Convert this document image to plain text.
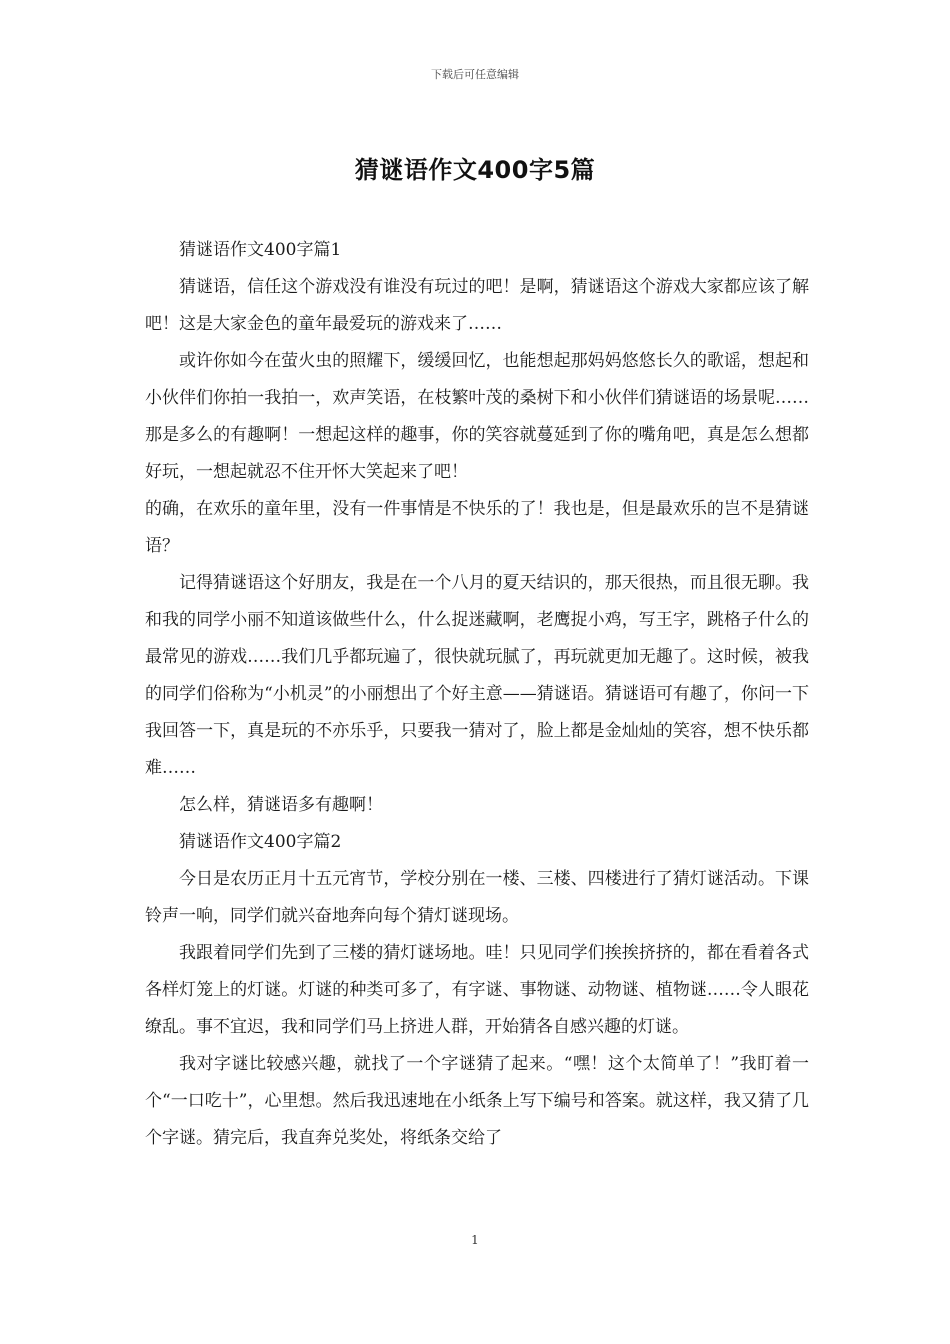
下载后可任意编辑
猜谜语作文400字5篇

猜谜语作文400字篇1

猜谜语，信任这个游戏没有谁没有玩过的吧！是啊，猜谜语这个游戏大家都应该了解吧！这是大家金色的童年最爱玩的游戏来了……

或许你如今在萤火虫的照耀下，缓缓回忆，也能想起那妈妈悠悠长久的歌谣，想起和小伙伴们你拍一我拍一，欢声笑语，在枝繁叶茂的桑树下和小伙伴们猜谜语的场景呢……那是多么的有趣啊！一想起这样的趣事，你的笑容就蔓延到了你的嘴角吧，真是怎么想都好玩，一想起就忍不住开怀大笑起来了吧！

的确，在欢乐的童年里，没有一件事情是不快乐的了！我也是，但是最欢乐的岂不是猜谜语？

记得猜谜语这个好朋友，我是在一个八月的夏天结识的，那天很热，而且很无聊。我和我的同学小丽不知道该做些什么，什么捉迷藏啊，老鹰捉小鸡，写王字，跳格子什么的最常见的游戏……我们几乎都玩遍了，很快就玩腻了，再玩就更加无趣了。这时候，被我的同学们俗称为“小机灵”的小丽想出了个好主意——猜谜语。猜谜语可有趣了，你问一下我回答一下，真是玩的不亦乐乎，只要我一猜对了，脸上都是金灿灿的笑容，想不快乐都难……

怎么样，猜谜语多有趣啊！

猜谜语作文400字篇2

今日是农历正月十五元宵节，学校分别在一楼、三楼、四楼进行了猜灯谜活动。下课铃声一响，同学们就兴奋地奔向每个猜灯谜现场。

我跟着同学们先到了三楼的猜灯谜场地。哇！只见同学们挨挨挤挤的，都在看着各式各样灯笼上的灯谜。灯谜的种类可多了，有字谜、事物谜、动物谜、植物谜……令人眼花缭乱。事不宜迟，我和同学们马上挤进人群，开始猜各自感兴趣的灯谜。

我对字谜比较感兴趣，就找了一个字谜猜了起来。“嘿！这个太简单了！”我盯着一个“一口吃十”，心里想。然后我迅速地在小纸条上写下编号和答案。就这样，我又猜了几个字谜。猜完后，我直奔兑奖处，将纸条交给了

1
